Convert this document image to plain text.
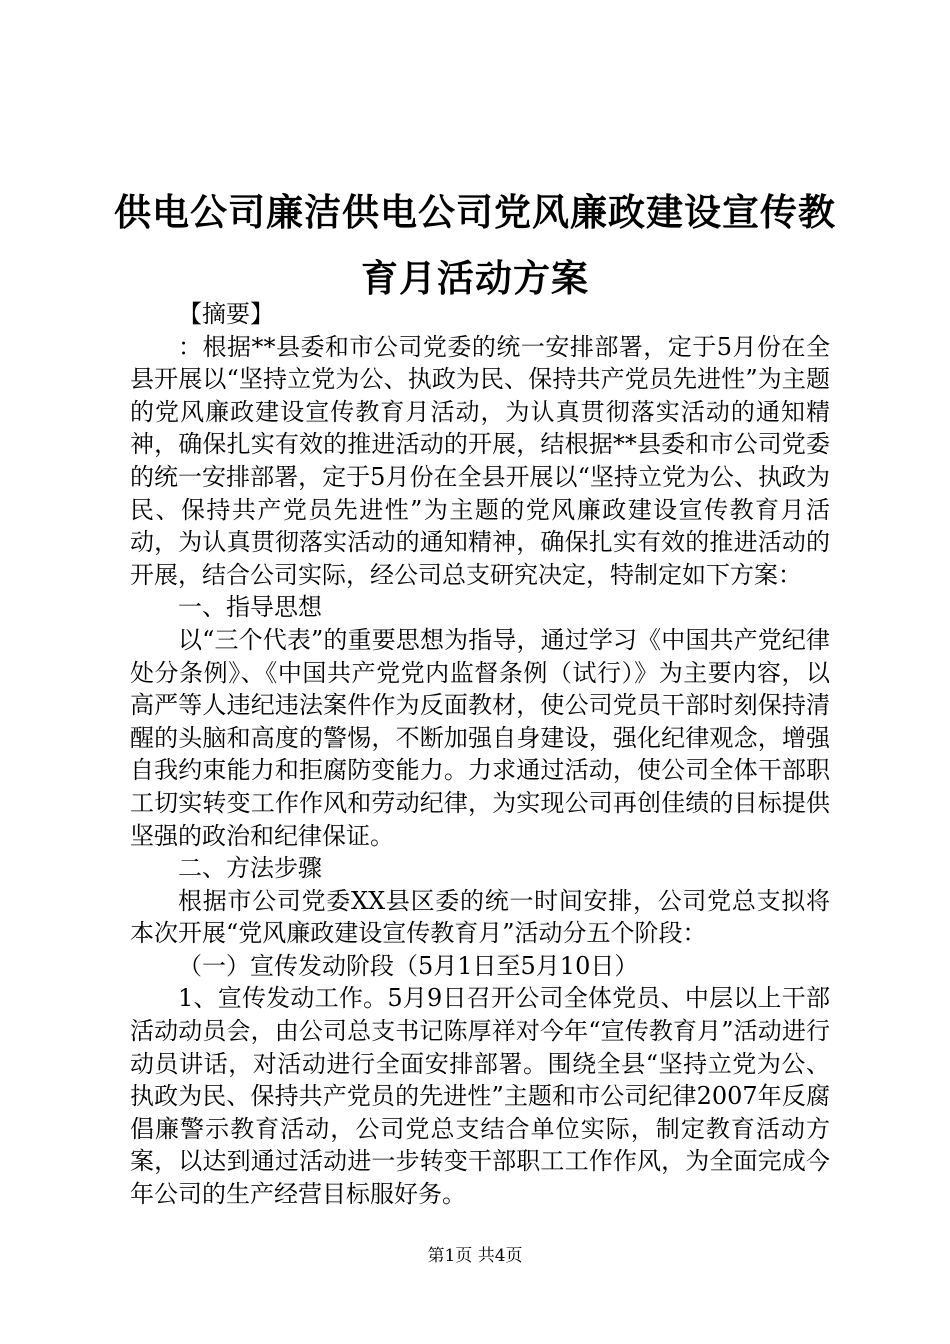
供电公司廉洁供电公司党风廉政建设宣传教育月活动方案

【摘要】

：根据**县委和市公司党委的统一安排部署，定于5月份在全县开展以“坚持立党为公、执政为民、保持共产党员先进性”为主题的党风廉政建设宣传教育月活动，为认真贯彻落实活动的通知精神，确保扎实有效的推进活动的开展，结根据**县委和市公司党委的统一安排部署，定于5月份在全县开展以“坚持立党为公、执政为民、保持共产党员先进性”为主题的党风廉政建设宣传教育月活动，为认真贯彻落实活动的通知精神，确保扎实有效的推进活动的开展，结合公司实际，经公司总支研究决定，特制定如下方案：

一、指导思想

以“三个代表”的重要思想为指导，通过学习《中国共产党纪律处分条例》、《中国共产党党内监督条例（试行）》为主要内容，以高严等人违纪违法案件作为反面教材，使公司党员干部时刻保持清醒的头脑和高度的警惕，不断加强自身建设，强化纪律观念，增强自我约束能力和拒腐防变能力。力求通过活动，使公司全体干部职工切实转变工作作风和劳动纪律，为实现公司再创佳绩的目标提供坚强的政治和纪律保证。

二、方法步骤

根据市公司党委XX县区委的统一时间安排，公司党总支拟将本次开展“党风廉政建设宣传教育月”活动分五个阶段：

（一）宣传发动阶段（5月1日至5月10日）

1、宣传发动工作。5月9日召开公司全体党员、中层以上干部活动动员会，由公司总支书记陈厚祥对今年“宣传教育月”活动进行动员讲话，对活动进行全面安排部署。围绕全县“坚持立党为公、执政为民、保持共产党员的先进性”主题和市公司纪律2007年反腐倡廉警示教育活动，公司党总支结合单位实际，制定教育活动方案，以达到通过活动进一步转变干部职工工作作风，为全面完成今年公司的生产经营目标服好务。

第1页 共4页
